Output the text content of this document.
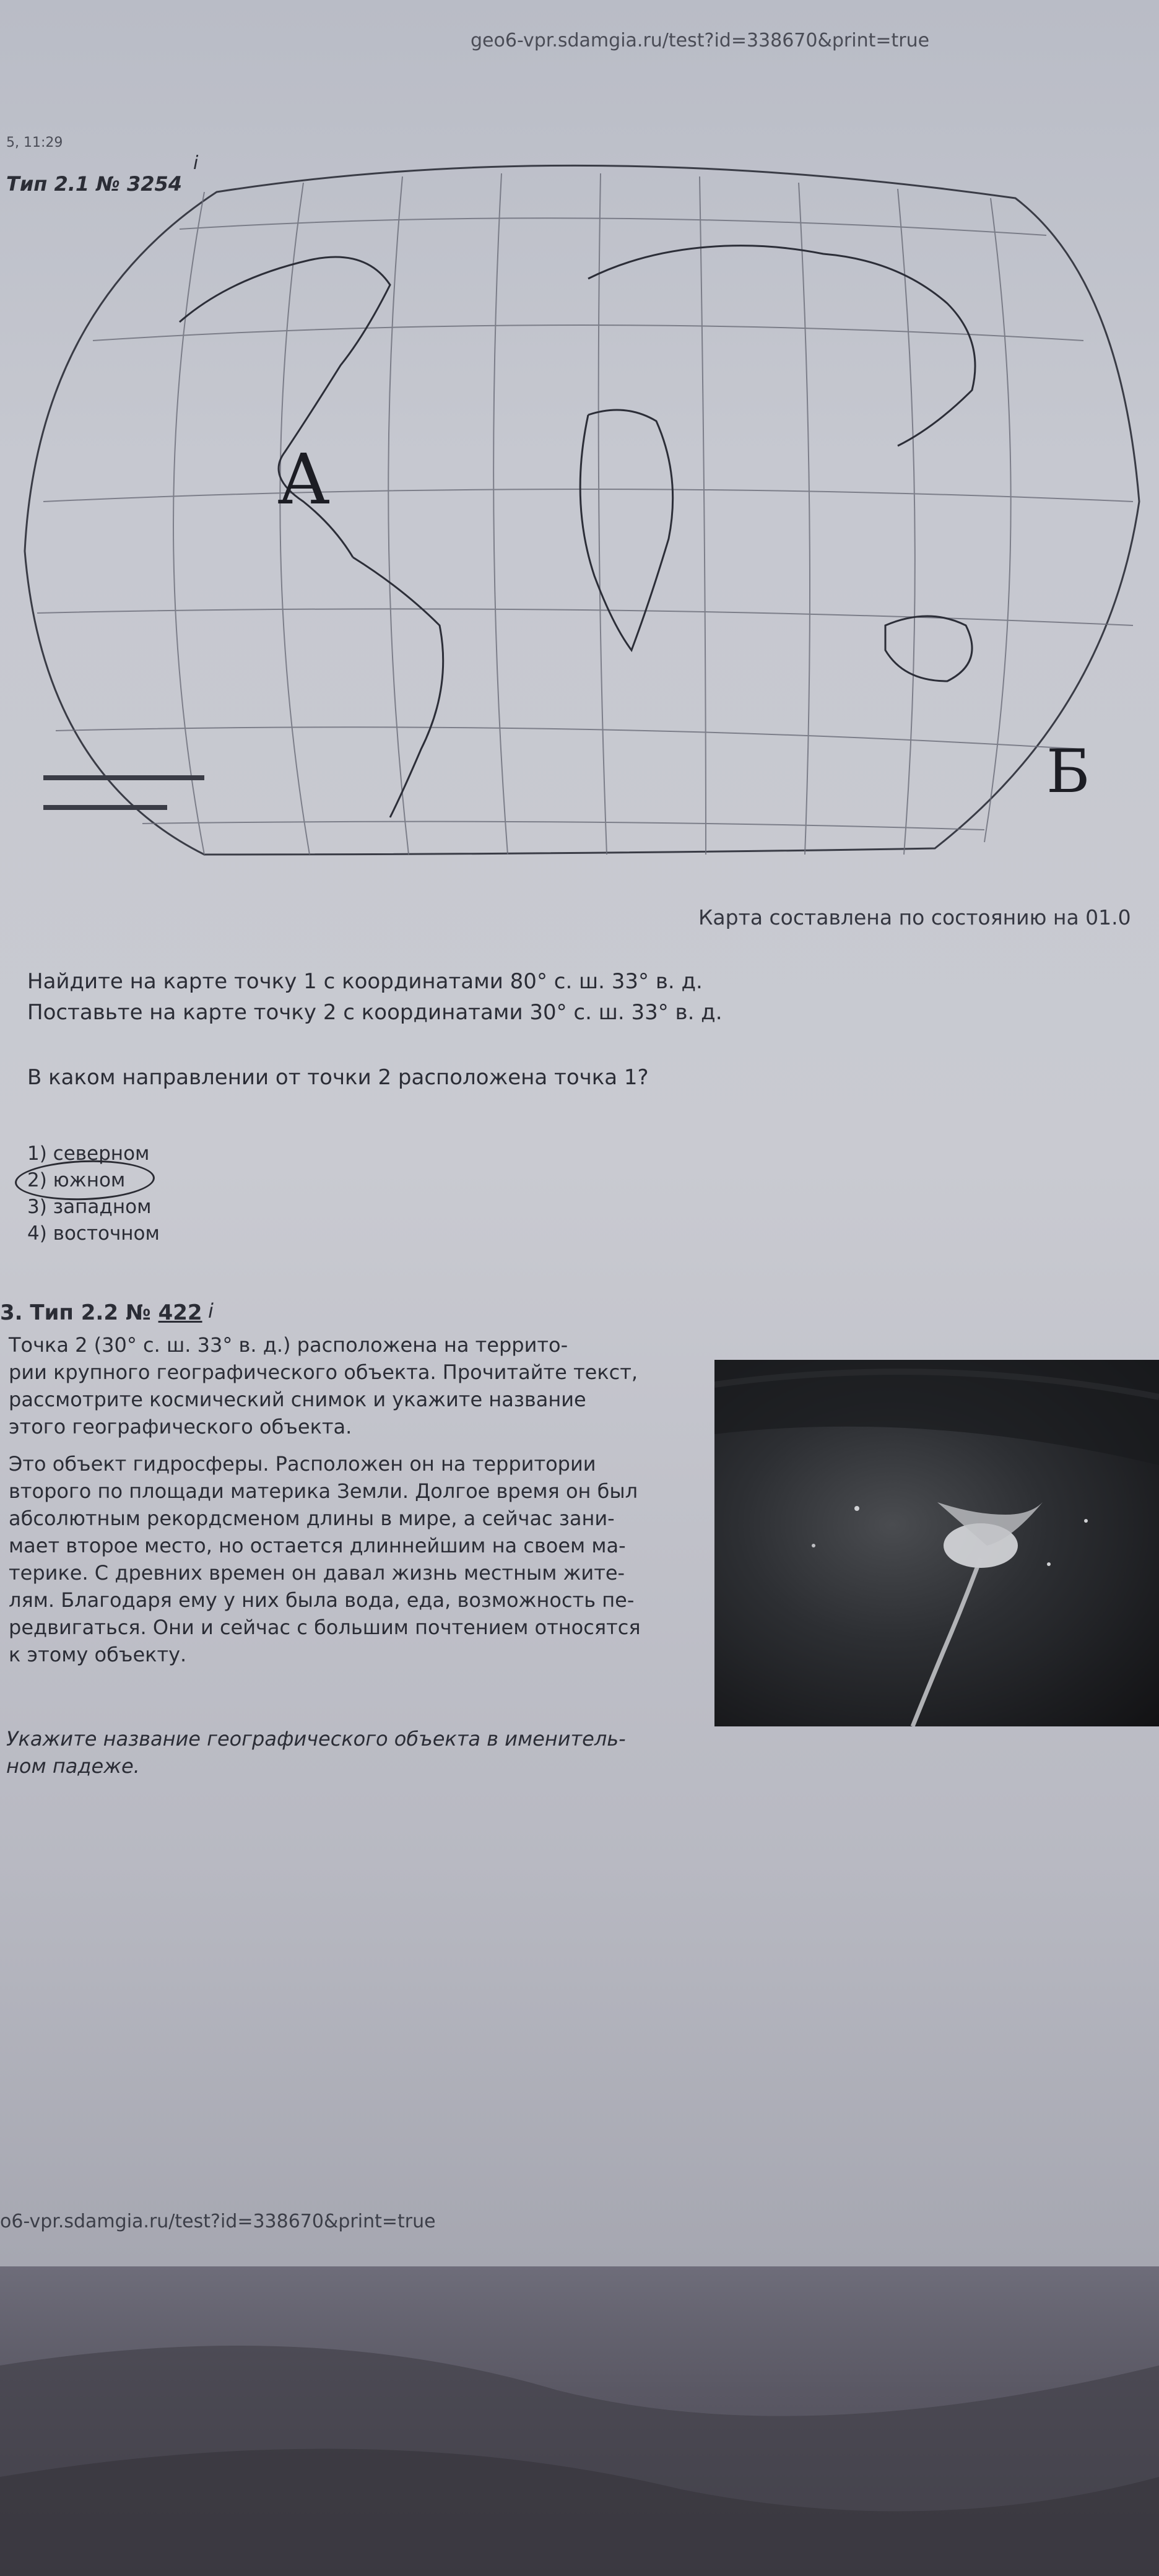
geo6-vpr.sdamgia.ru/test?id=338670&print=true
5, 11:29
Тип 2.1 № 3254
i
А
Б
Карта составлена по состоянию на 01.0
Найдите на карте точку 1 с координатами 80° с. ш. 33° в. д.
Поставьте на карте точку 2 с координатами 30° с. ш. 33° в. д.
В каком направлении от точки 2 расположена точка 1?
1) северном
2) южном
3) западном
4) восточном
3. Тип 2.2 № 422 i
Точка 2 (30° с. ш. 33° в. д.) расположена на террито-
рии крупного географического объекта. Прочитайте текст,
рассмотрите космический снимок и укажите название
этого географического объекта.
Это объект гидросферы. Расположен он на территории
второго по площади материка Земли. Долгое время он был
абсолютным рекордсменом длины в мире, а сейчас зани-
мает второе место, но остается длиннейшим на своем ма-
терике. С древних времен он давал жизнь местным жите-
лям. Благодаря ему у них была вода, еда, возможность пе-
редвигаться. Они и сейчас с большим почтением относятся
к этому объекту.
Укажите название географического объекта в именитель-
ном падеже.
o6-vpr.sdamgia.ru/test?id=338670&print=true
